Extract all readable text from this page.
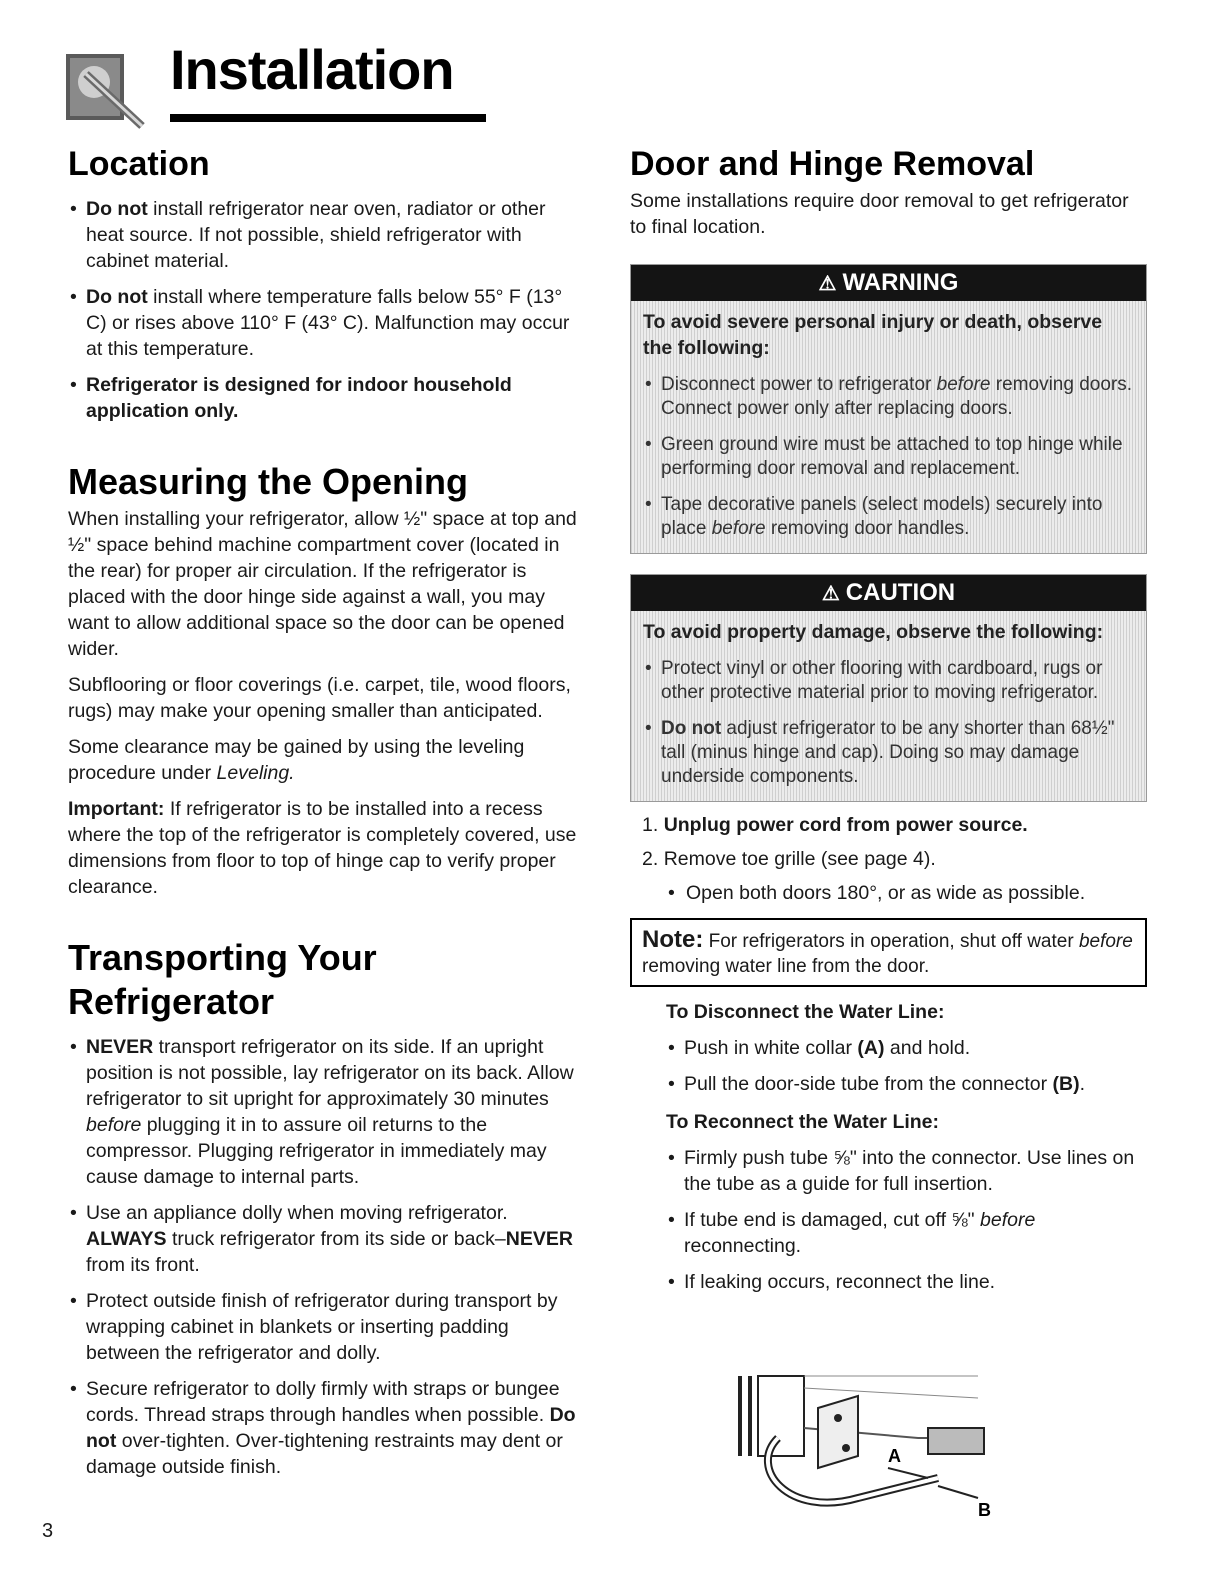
Installation
Location
• Do not install refrigerator near oven, radiator or other heat source. If not possible, shield refrigerator with cabinet material.
• Do not install where temperature falls below 55° F (13° C) or rises above 110° F (43° C). Malfunction may occur at this temperature.
• Refrigerator is designed for indoor household application only.
Measuring the Opening

When installing your refrigerator, allow ½" space at top and ½" space behind machine compartment cover (located in the rear) for proper air circulation. If the refrigerator is placed with the door hinge side against a wall, you may want to allow additional space so the door can be opened wider.

Subflooring or floor coverings (i.e. carpet, tile, wood floors, rugs) may make your opening smaller than anticipated.

Some clearance may be gained by using the leveling procedure under Leveling.

Important: If refrigerator is to be installed into a recess where the top of the refrigerator is completely covered, use dimensions from floor to top of hinge cap to verify proper clearance.

Transporting Your Refrigerator
• NEVER transport refrigerator on its side. If an upright position is not possible, lay refrigerator on its back. Allow refrigerator to sit upright for approximately 30 minutes before plugging it in to assure oil returns to the compressor. Plugging refrigerator in immediately may cause damage to internal parts.
• Use an appliance dolly when moving refrigerator. ALWAYS truck refrigerator from its side or back–NEVER from its front.
• Protect outside finish of refrigerator during transport by wrapping cabinet in blankets or inserting padding between the refrigerator and dolly.
• Secure refrigerator to dolly firmly with straps or bungee cords. Thread straps through handles when possible. Do not over-tighten. Over-tightening restraints may dent or damage outside finish.
Door and Hinge Removal

Some installations require door removal to get refrigerator to final location.

⚠ WARNING
To avoid severe personal injury or death, observe the following:
• Disconnect power to refrigerator before removing doors. Connect power only after replacing doors.
• Green ground wire must be attached to top hinge while performing door removal and replacement.
• Tape decorative panels (select models) securely into place before removing door handles.
⚠ CAUTION
To avoid property damage, observe the following:
• Protect vinyl or other flooring with cardboard, rugs or other protective material prior to moving refrigerator.
• Do not adjust refrigerator to be any shorter than 68½" tall (minus hinge and cap). Doing so may damage underside components.
1. Unplug power cord from power source.
2. Remove toe grille (see page 4).
• Open both doors 180°, or as wide as possible.
Note:

For refrigerators in operation, shut off water before removing water line from the door.

To Disconnect the Water Line:
• Push in white collar (A) and hold.
• Pull the door-side tube from the connector (B).
To Reconnect the Water Line:
• Firmly push tube ⅝" into the connector. Use lines on the tube as a guide for full insertion.
• If tube end is damaged, cut off ⅝" before reconnecting.
• If leaking occurs, reconnect the line.
A
B
3
